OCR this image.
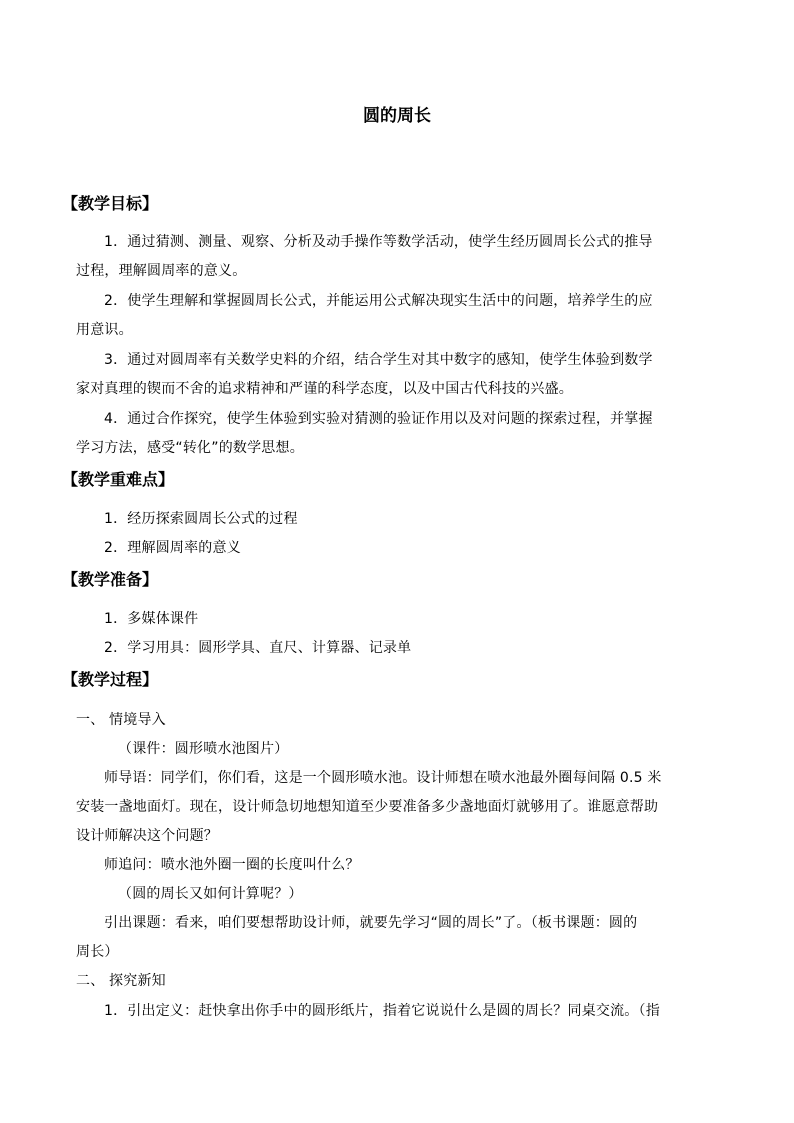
圆的周长
【教学目标】
1．通过猜测、测量、观察、分析及动手操作等数学活动，使学生经历圆周长公式的推导
过程，理解圆周率的意义。
2．使学生理解和掌握圆周长公式，并能运用公式解决现实生活中的问题，培养学生的应
用意识。
3．通过对圆周率有关数学史料的介绍，结合学生对其中数字的感知，使学生体验到数学
家对真理的锲而不舍的追求精神和严谨的科学态度，以及中国古代科技的兴盛。
4．通过合作探究，使学生体验到实验对猜测的验证作用以及对问题的探索过程，并掌握
学习方法，感受“转化”的数学思想。
【教学重难点】
1．经历探索圆周长公式的过程
2．理解圆周率的意义
【教学准备】
1．多媒体课件
2．学习用具：圆形学具、直尺、计算器、记录单
【教学过程】
一、 情境导入
（课件：圆形喷水池图片）
师导语：同学们，你们看，这是一个圆形喷水池。设计师想在喷水池最外圈每间隔 0.5 米
安装一盏地面灯。现在，设计师急切地想知道至少要准备多少盏地面灯就够用了。谁愿意帮助
设计师解决这个问题？
师追问：喷水池外圈一圈的长度叫什么？
（圆的周长又如何计算呢？）
引出课题：看来，咱们要想帮助设计师，就要先学习“圆的周长”了。（板书课题：圆的
周长）
二、 探究新知
1．引出定义：赶快拿出你手中的圆形纸片，指着它说说什么是圆的周长？同桌交流。（指
